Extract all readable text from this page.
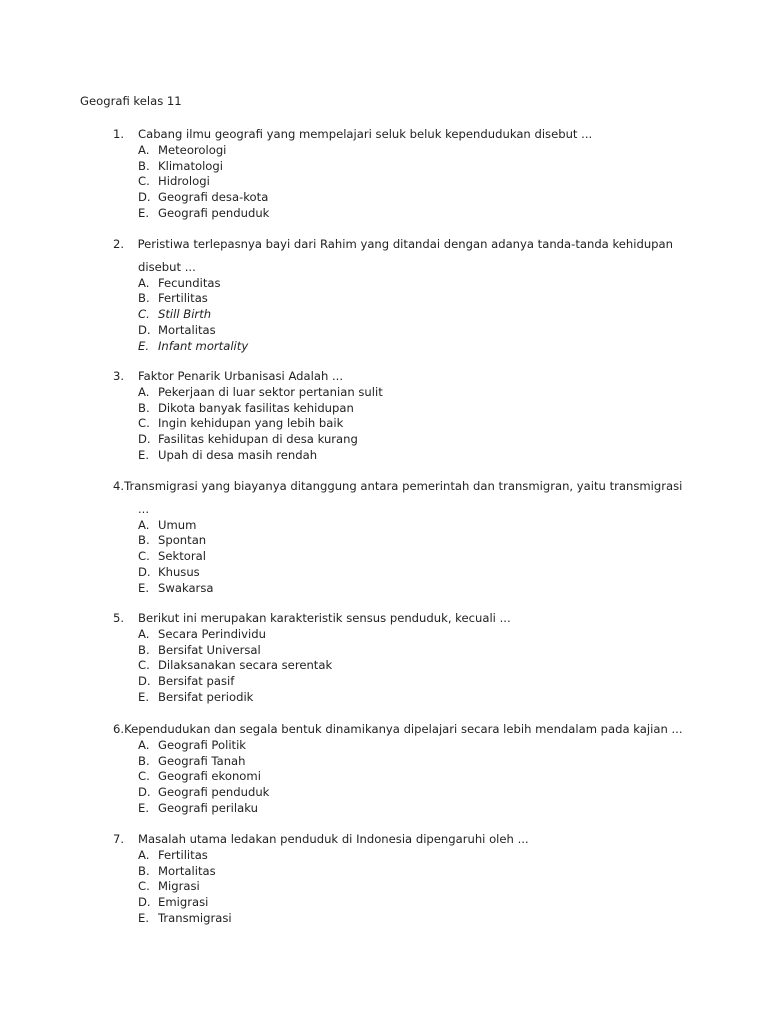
Geografi kelas 11
1.	Cabang ilmu geografi yang mempelajari seluk beluk kependudukan disebut ...
A. Meteorologi
B. Klimatologi
C. Hidrologi
D. Geografi desa-kota
E. Geografi penduduk
2.	Peristiwa terlepasnya bayi dari Rahim yang ditandai dengan adanya tanda-tanda kehidupan
disebut ...
A. Fecunditas
B. Fertilitas
C. Still Birth
D. Mortalitas
E. Infant mortality
3.	Faktor Penarik Urbanisasi Adalah ...
A. Pekerjaan di luar sektor pertanian sulit
B. Dikota banyak fasilitas kehidupan
C. Ingin kehidupan yang lebih baik
D. Fasilitas kehidupan di desa kurang
E. Upah di desa masih rendah
4. Transmigrasi yang biayanya ditanggung antara pemerintah dan transmigran, yaitu transmigrasi
...
A. Umum
B. Spontan
C. Sektoral
D. Khusus
E. Swakarsa
5.	Berikut ini merupakan karakteristik sensus penduduk, kecuali ...
A. Secara Perindividu
B. Bersifat Universal
C. Dilaksanakan secara serentak
D. Bersifat pasif
E. Bersifat periodik
6. Kependudukan dan segala bentuk dinamikanya dipelajari secara lebih mendalam pada kajian ...
A. Geografi Politik
B. Geografi Tanah
C. Geografi ekonomi
D. Geografi penduduk
E. Geografi perilaku
7.	Masalah utama ledakan penduduk di Indonesia dipengaruhi oleh ...
A. Fertilitas
B. Mortalitas
C. Migrasi
D. Emigrasi
E. Transmigrasi
